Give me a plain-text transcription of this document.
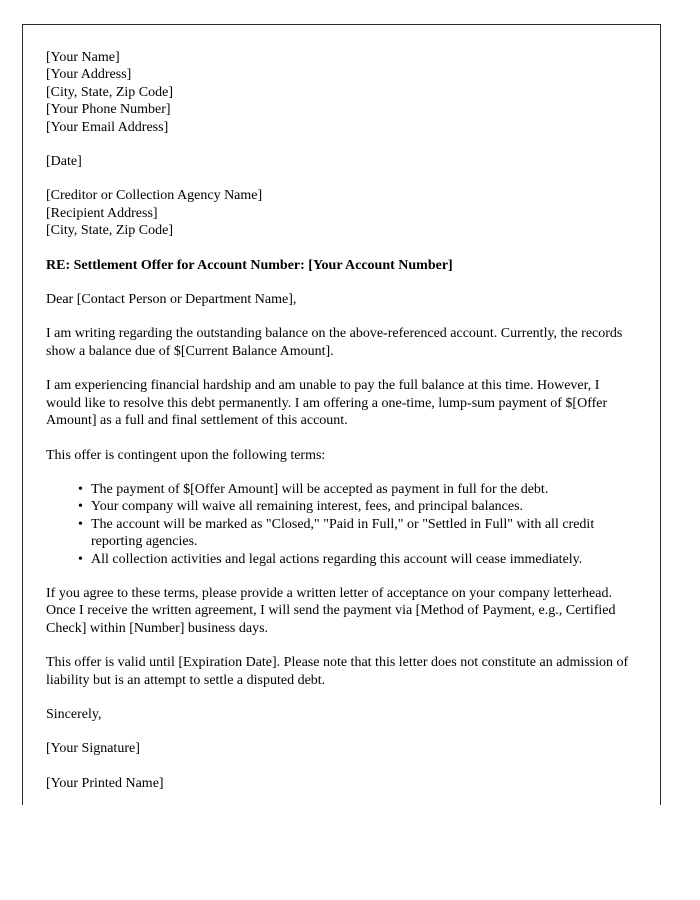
[Your Name]
[Your Address]
[City, State, Zip Code]
[Your Phone Number]
[Your Email Address]
[Date]
[Creditor or Collection Agency Name]
[Recipient Address]
[City, State, Zip Code]
RE: Settlement Offer for Account Number: [Your Account Number]
Dear [Contact Person or Department Name],

I am writing regarding the outstanding balance on the above-referenced account. Currently, the records show a balance due of $[Current Balance Amount].

I am experiencing financial hardship and am unable to pay the full balance at this time. However, I would like to resolve this debt permanently. I am offering a one-time, lump-sum payment of $[Offer Amount] as a full and final settlement of this account.

This offer is contingent upon the following terms:

• The payment of $[Offer Amount] will be accepted as payment in full for the debt.
• Your company will waive all remaining interest, fees, and principal balances.
• The account will be marked as "Closed," "Paid in Full," or "Settled in Full" with all credit reporting agencies.
• All collection activities and legal actions regarding this account will cease immediately.

If you agree to these terms, please provide a written letter of acceptance on your company letterhead. Once I receive the written agreement, I will send the payment via [Method of Payment, e.g., Certified Check] within [Number] business days.

This offer is valid until [Expiration Date]. Please note that this letter does not constitute an admission of liability but is an attempt to settle a disputed debt.

Sincerely,
[Your Signature]
[Your Printed Name]
